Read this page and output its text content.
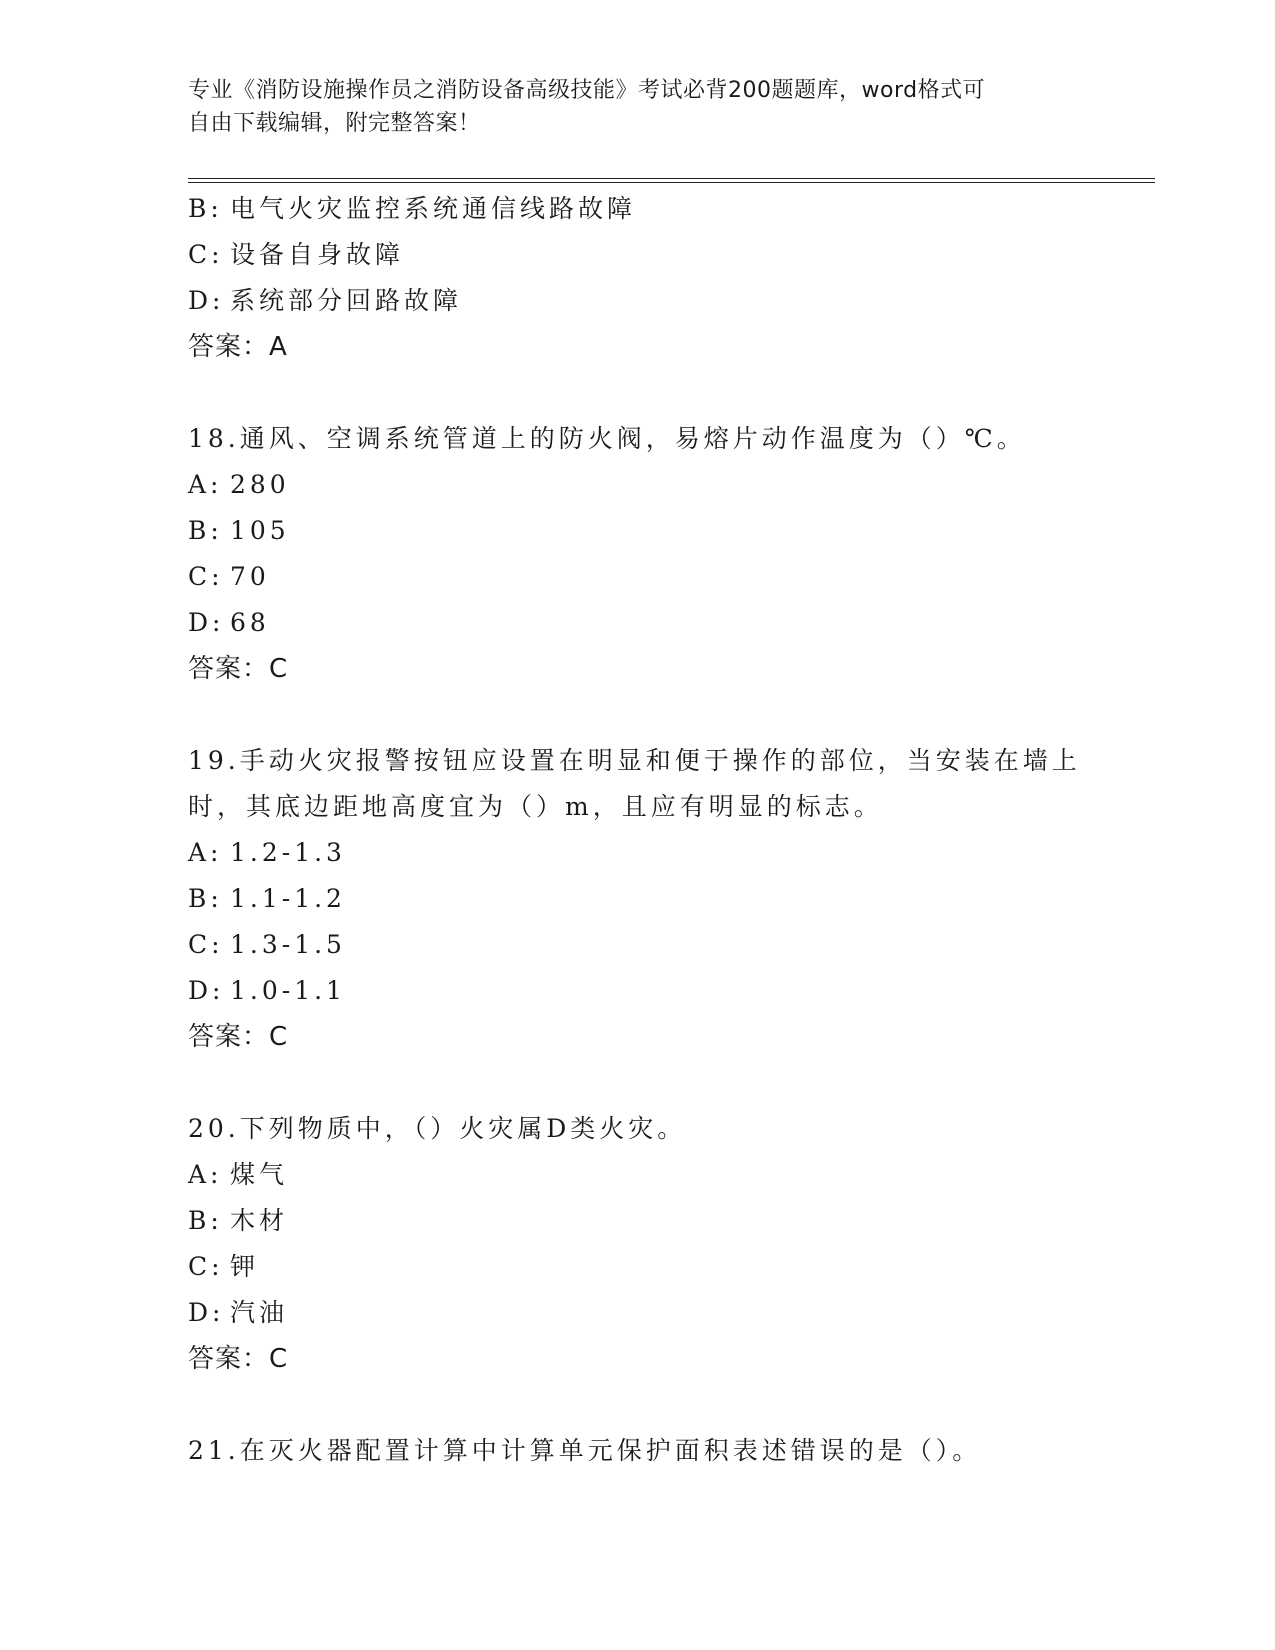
专业《消防设施操作员之消防设备高级技能》考试必背200题题库，word格式可
自由下载编辑，附完整答案！
B: 电气火灾监控系统通信线路故障
C: 设备自身故障
D: 系统部分回路故障
答案：A
18.通风、空调系统管道上的防火阀，易熔片动作温度为（）℃。
A: 280
B: 105
C: 70
D: 68
答案：C
19.手动火灾报警按钮应设置在明显和便于操作的部位，当安装在墙上
时，其底边距地高度宜为（）m，且应有明显的标志。
A: 1.2-1.3
B: 1.1-1.2
C: 1.3-1.5
D: 1.0-1.1
答案：C
20.下列物质中，（）火灾属D类火灾。
A: 煤气
B: 木材
C: 钾
D: 汽油
答案：C
21.在灭火器配置计算中计算单元保护面积表述错误的是（）。
